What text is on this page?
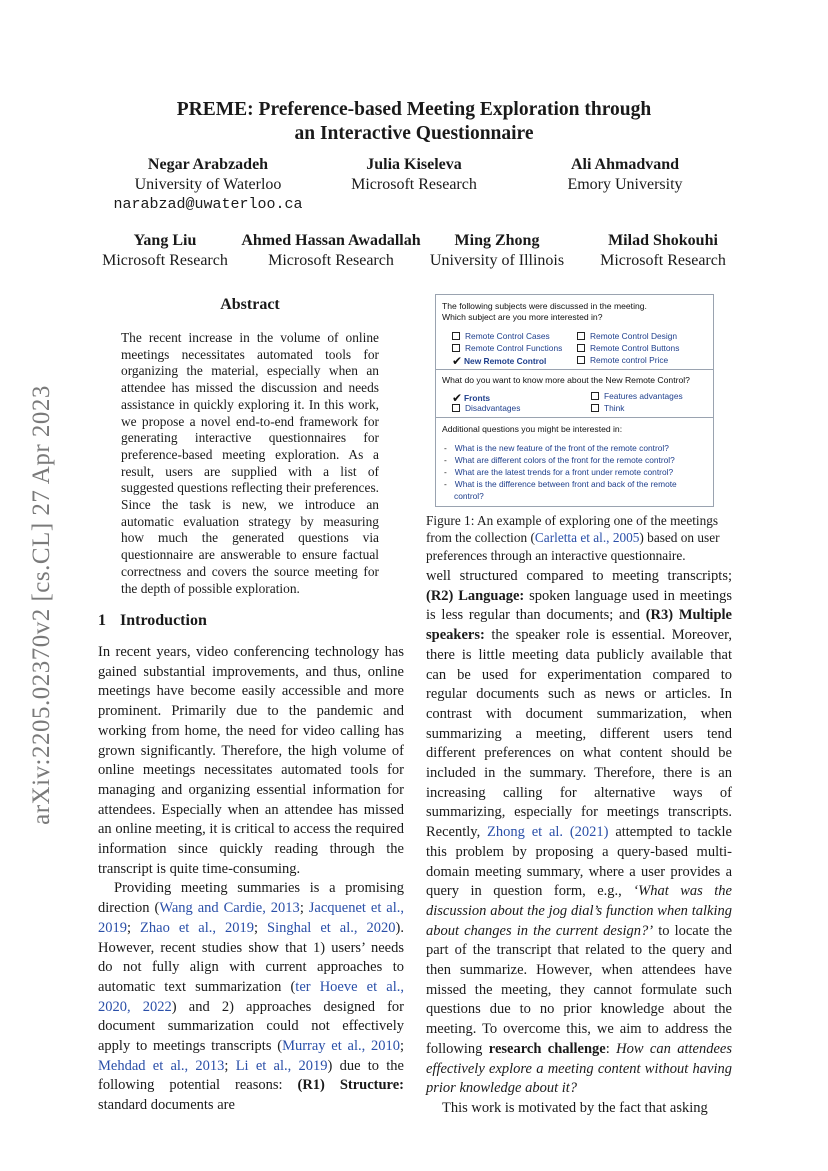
arXiv:2205.02370v2 [cs.CL] 27 Apr 2023
PREME: Preference-based Meeting Exploration through
an Interactive Questionnaire
Negar Arabzadeh
University of Waterloo
narabzad@uwaterloo.ca
Julia Kiseleva
Microsoft Research
Ali Ahmadvand
Emory University
Yang Liu
Microsoft Research
Ahmed Hassan Awadallah
Microsoft Research
Ming Zhong
University of Illinois
Milad Shokouhi
Microsoft Research
Abstract
The recent increase in the volume of online meetings necessitates automated tools for organizing the material, especially when an attendee has missed the discussion and needs assistance in quickly exploring it. In this work, we propose a novel end-to-end framework for generating interactive questionnaires for preference-based meeting exploration. As a result, users are supplied with a list of suggested questions reflecting their preferences. Since the task is new, we introduce an automatic evaluation strategy by measuring how much the generated questions via questionnaire are answerable to ensure factual correctness and covers the source meeting for the depth of possible exploration.
1 Introduction

In recent years, video conferencing technology has gained substantial improvements, and thus, online meetings have become easily accessible and more prominent. Primarily due to the pandemic and working from home, the need for video calling has grown significantly. Therefore, the high volume of online meetings necessitates automated tools for managing and organizing essential information for attendees. Especially when an attendee has missed an online meeting, it is critical to access the required information since quickly reading through the transcript is quite time-consuming.

Providing meeting summaries is a promising direction (Wang and Cardie, 2013; Jacquenet et al., 2019; Zhao et al., 2019; Singhal et al., 2020). However, recent studies show that 1) users’ needs do not fully align with current approaches to automatic text summarization (ter Hoeve et al., 2020, 2022) and 2) approaches designed for document summarization could not effectively apply to meetings transcripts (Murray et al., 2010; Mehdad et al., 2013; Li et al., 2019) due to the following potential reasons: (R1) Structure: standard documents are

The following subjects were discussed in the meeting.
Which subject are you more interested in?
Remote Control Cases	Remote Control Design
Remote Control Functions	Remote Control Buttons
✔ New Remote Control	Remote control Price
What do you want to know more about the New Remote Control?
✔ Fronts	Features advantages
Disadvantages	Think
Additional questions you might be interested in:
- What is the new feature of the front of the remote control?
- What are different colors of the front for the remote control?
- What are the latest trends for a front under remote control?
- What is the difference between front and back of the remote
control?
Figure 1: An example of exploring one of the meetings from the collection (Carletta et al., 2005) based on user preferences through an interactive questionnaire.

well structured compared to meeting transcripts; (R2) Language: spoken language used in meetings is less regular than documents; and (R3) Multiple speakers: the speaker role is essential. Moreover, there is little meeting data publicly available that can be used for experimentation compared to regular documents such as news or articles. In contrast with document summarization, when summarizing a meeting, different users tend different preferences on what content should be included in the summary. Therefore, there is an increasing calling for alternative ways of summarizing, especially for meetings transcripts. Recently, Zhong et al. (2021) attempted to tackle this problem by proposing a query-based multi-domain meeting summary, where a user provides a query in question form, e.g., ‘What was the discussion about the jog dial’s function when talking about changes in the current design?’ to locate the part of the transcript that related to the query and then summarize. However, when attendees have missed the meeting, they cannot formulate such questions due to no prior knowledge about the meeting. To overcome this, we aim to address the following research challenge: How can attendees effectively explore a meeting content without having prior knowledge about it?

This work is motivated by the fact that asking
